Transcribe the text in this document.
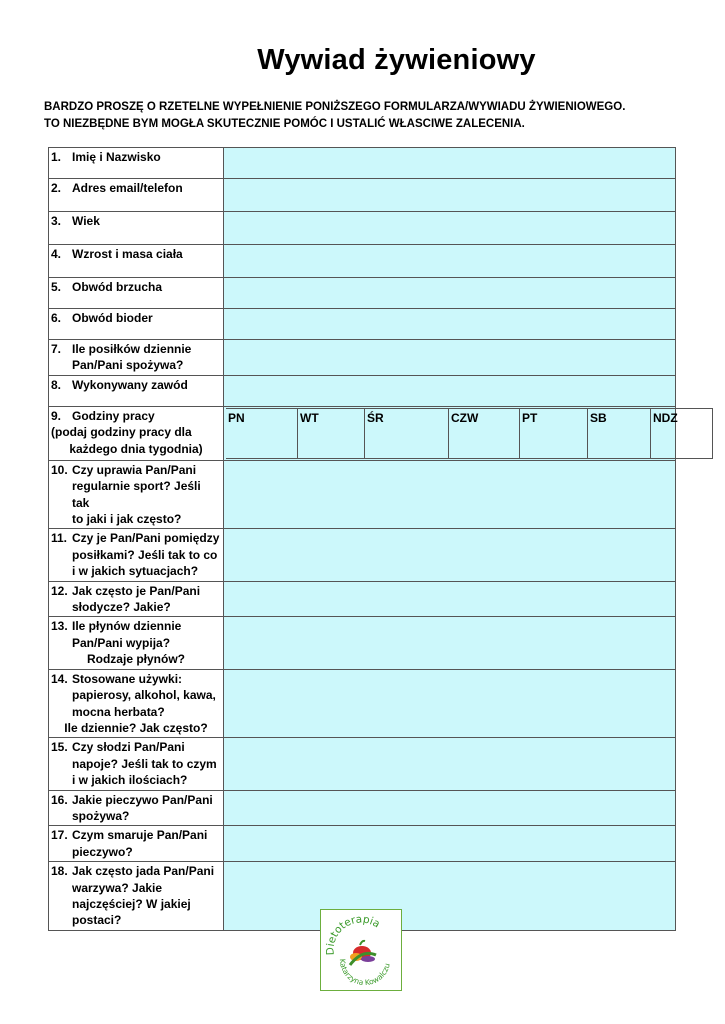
Wywiad żywieniowy
BARDZO PROSZĘ O RZETELNE WYPEŁNIENIE PONIŻSZEGO FORMULARZA/WYWIADU ŻYWIENIOWEGO.
TO NIEZBĘDNE BYM MOGŁA SKUTECZNIE POMÓC I USTALIĆ WŁASCIWE ZALECENIA.
1. Imię i Nazwisko

2. Adres email/telefon

3. Wiek

4. Wzrost i masa ciała

5. Obwód brzucha

6. Obwód bioder

7. Ile posiłków dziennie
Pan/Pani spożywa?

8. Wykonywany zawód

9. Godziny pracy
(podaj godziny pracy dla
każdego dnia tygodnia)

PN	WT	ŚR	CZW	PT	SB	NDZ

10. Czy uprawia Pan/Pani
regularnie sport? Jeśli tak
to jaki i jak często?

11. Czy je Pan/Pani pomiędzy
posiłkami? Jeśli tak to co
i w jakich sytuacjach?

12. Jak często je Pan/Pani
słodycze? Jakie?

13. Ile płynów dziennie
Pan/Pani wypija?
Rodzaje płynów?

14. Stosowane używki:
papierosy, alkohol, kawa,
mocna herbata?
Ile dziennie? Jak często?

15. Czy słodzi Pan/Pani
napoje? Jeśli tak to czym
i w jakich ilościach?

16. Jakie pieczywo Pan/Pani
spożywa?

17. Czym smaruje Pan/Pani
pieczywo?

18. Jak często jada Pan/Pani
warzywa? Jakie
najczęściej? W jakiej
postaci?

Dietoterapia
Katarzyna Kowalczu
